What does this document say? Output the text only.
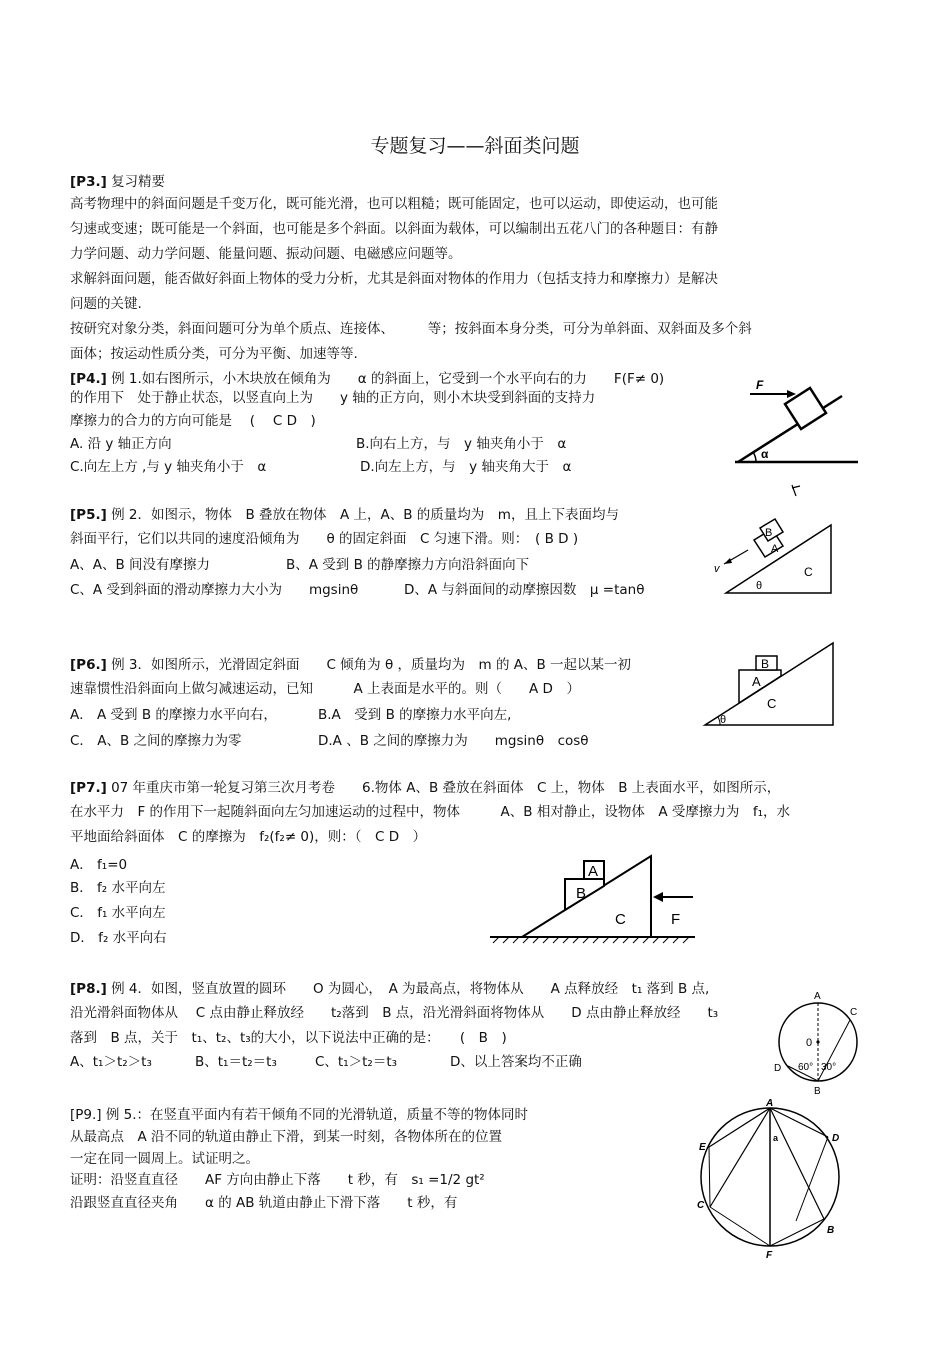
专题复习——斜面类问题
[P3.] 复习精要
高考物理中的斜面问题是千变万化，既可能光滑，也可以粗糙；既可能固定，也可以运动，即使运动，也可能
匀速或变速；既可能是一个斜面，也可能是多个斜面。以斜面为载体，可以编制出五花八门的各种题目：有静
力学问题、动力学问题、能量问题、振动问题、电磁感应问题等。
求解斜面问题，能否做好斜面上物体的受力分析，尤其是斜面对物体的作用力（包括支持力和摩擦力）是解决
问题的关键.
按研究对象分类，斜面问题可分为单个质点、连接体、　　　等；按斜面本身分类，可分为单斜面、双斜面及多个斜
面体；按运动性质分类，可分为平衡、加速等等.
[P4.] 例 1.如右图所示，小木块放在倾角为　　α 的斜面上，它受到一个水平向右的力　　F(F≠ 0)
的作用下　处于静止状态，以竖直向上为　　y 轴的正方向，则小木块受到斜面的支持力
摩擦力的合力的方向可能是　 (　 C D　)
A. 沿 y 轴正方向	B.向右上方，与　y 轴夹角小于　α
C.向左上方 ,与 y 轴夹角小于　α	D.向左上方，与　y 轴夹角大于　α
F
α
[P5.] 例 2．如图示，物体　B 叠放在物体　A 上，A、B 的质量均为　m，且上下表面均与
斜面平行，它们以共同的速度沿倾角为　　θ 的固定斜面　C 匀速下滑。则：　( B D )
A、A、B 间没有摩擦力	B、A 受到 B 的静摩擦力方向沿斜面向下
C、A 受到斜面的滑动摩擦力大小为　　mgsinθ	D、A 与斜面间的动摩擦因数　μ =tanθ
B
A
C
θ
v
[P6.] 例 3．如图所示，光滑固定斜面　　C 倾角为 θ ，质量均为　m 的 A、B 一起以某一初
速靠惯性沿斜面向上做匀减速运动，已知　　　A 上表面是水平的。则（　　A D　）
A． A 受到 B 的摩擦力水平向右，	B.A　受到 B 的摩擦力水平向左,
C． A、B 之间的摩擦力为零	D.A 、B 之间的摩擦力为　　mgsinθ　cosθ
B
A
C
θ
[P7.] 07 年重庆市第一轮复习第三次月考卷　　6.物体 A、B 叠放在斜面体　C 上，物体　B 上表面水平，如图所示，
在水平力　F 的作用下一起随斜面向左匀加速运动的过程中，物体　　　A、B 相对静止，设物体　A 受摩擦力为　f₁，水
平地面给斜面体　C 的摩擦为　f₂(f₂≠ 0)，则：（　C D　）
A． f₁=0
B． f₂ 水平向左
C． f₁ 水平向左
D． f₂ 水平向右
A
B
C	F
[P8.] 例 4．如图，竖直放置的圆环　　O 为圆心，　A 为最高点，将物体从　　A 点释放经　t₁ 落到 B 点,
沿光滑斜面物体从　 C 点由静止释放经　　t₂落到　B 点，沿光滑斜面将物体从　　D 点由静止释放经　　t₃
落到　B 点，关于　t₁、t₂、t₃的大小，以下说法中正确的是：　　(　B　)
A、t₁＞t₂＞t₃	B、t₁＝t₂＝t₃	C、t₁＞t₂＝t₃	D、以上答案均不正确
A
C
0
D
B
60° 30°
[P9.] 例 5.：在竖直平面内有若干倾角不同的光滑轨道，质量不等的物体同时
从最高点　A 沿不同的轨道由静止下滑，到某一时刻，各物体所在的位置
一定在同一圆周上。试证明之。
证明：沿竖直直径　　AF 方向由静止下落　　t 秒，有　s₁ =1/2 gt²
沿跟竖直直径夹角　　α 的 AB 轨道由静止下滑下落　　t 秒，有
A
D
E
a
C
B
F
